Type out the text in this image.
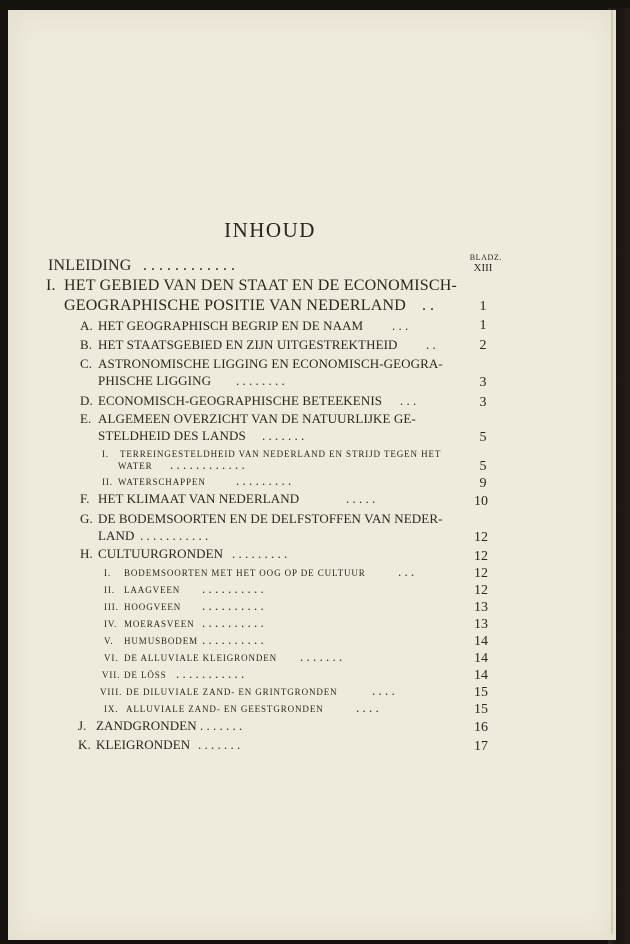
INHOUD
BLADZ.
INLEIDING . . . . . . . . . . . .	XIII
I. HET GEBIED VAN DEN STAAT EN DE ECONOMISCH-
GEOGRAPHISCHE POSITIE VAN NEDERLAND . .	1
A. HET GEOGRAPHISCH BEGRIP EN DE NAAM . . .	1
B. HET STAATSGEBIED EN ZIJN UITGESTREKTHEID . .	2
C. ASTRONOMISCHE LIGGING EN ECONOMISCH-GEOGRA-
PHISCHE LIGGING . . . . . . . .	3
D. ECONOMISCH-GEOGRAPHISCHE BETEEKENIS . . .	3
E. ALGEMEEN OVERZICHT VAN DE NATUURLIJKE GE-
STELDHEID DES LANDS . . . . . . .	5
I. TERREINGESTELDHEID VAN NEDERLAND EN STRIJD TEGEN HET
WATER . . . . . . . . . . . .	5
II. WATERSCHAPPEN . . . . . . . . .	9
F. HET KLIMAAT VAN NEDERLAND	. . . . .	10
G. DE BODEMSOORTEN EN DE DELFSTOFFEN VAN NEDER-
LAND . . . . . . . . . . .	12
H. CULTUURGRONDEN . . . . . . . . .	12
I. BODEMSOORTEN MET HET OOG OP DE CULTUUR . . .	12
II. LAAGVEEN . . . . . . . . . .	12
III. HOOGVEEN . . . . . . . . . .	13
IV. MOERASVEEN . . . . . . . . . .	13
V. HUMUSBODEM . . . . . . . . . .	14
VI. DE ALLUVIALE KLEIGRONDEN . . . . . . .	14
VII. DE LÖSS . . . . . . . . . . .	14
VIII. DE DILUVIALE ZAND- EN GRINTGRONDEN	. . . .	15
IX. ALLUVIALE ZAND- EN GEESTGRONDEN . . . .	15
J. ZANDGRONDEN . . . . . . .	16
K. KLEIGRONDEN . . . . . . .	17
